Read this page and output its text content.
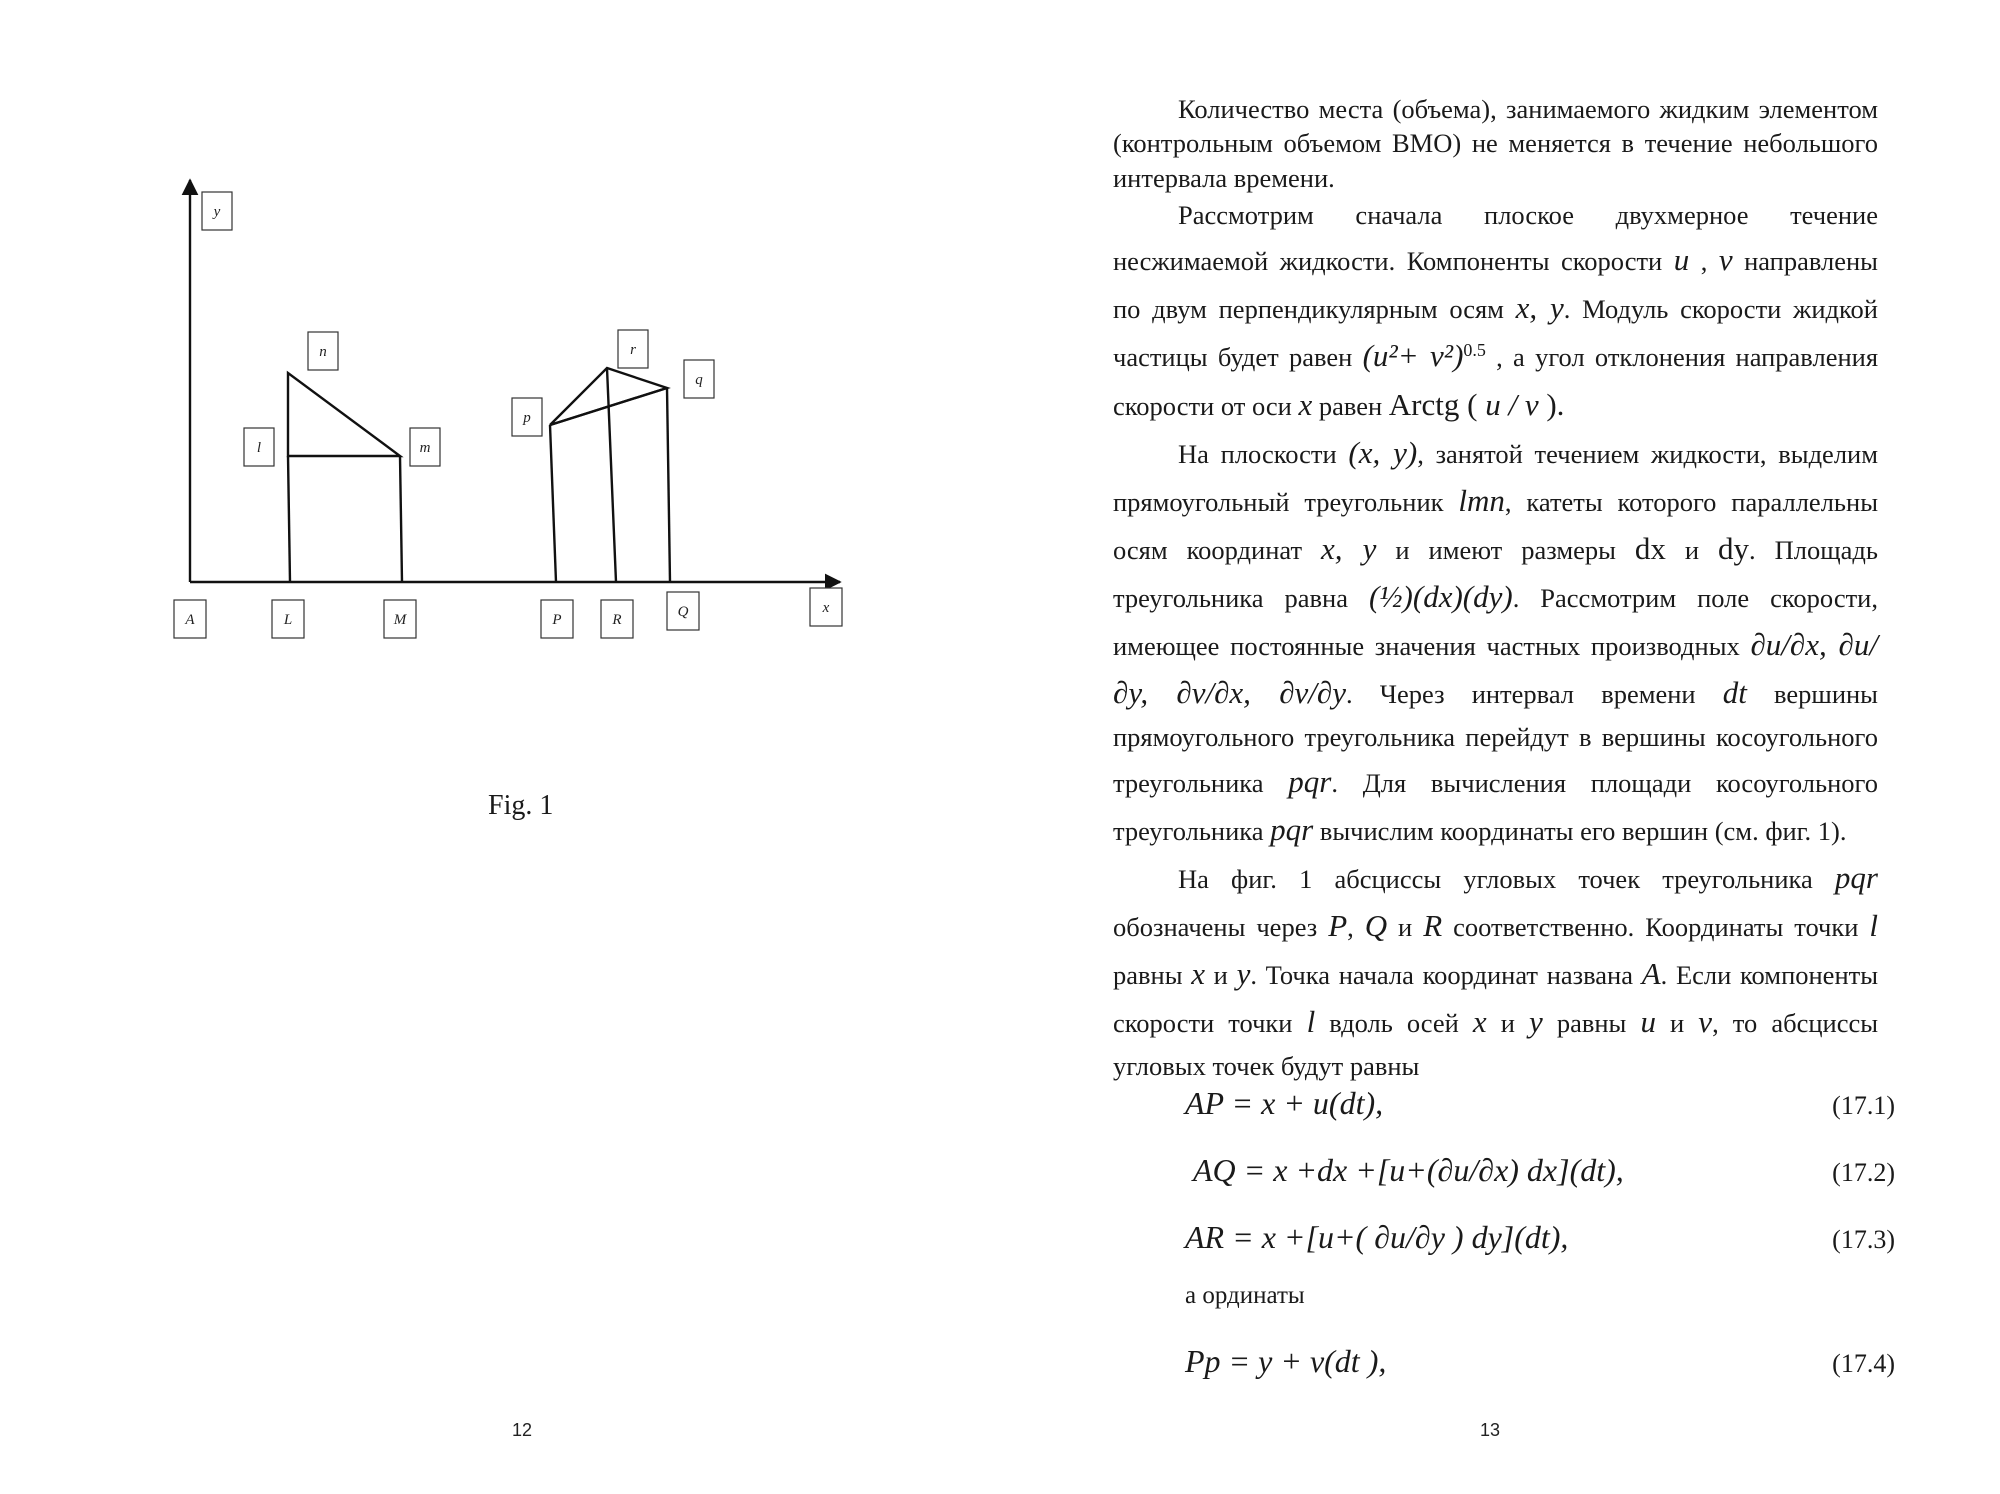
y
n
l	m
p
r
q
A	L	M	P	R	Q	x
Fig. 1
12

Количество места (объема), занимаемого жидким элементом (контрольным объемом ВМО) не меняется в течение небольшого интервала времени.

Рассмотрим сначала плоское двухмерное течение несжимаемой жидкости. Компоненты скорости u , v направлены по двум перпендикулярным осям x, y. Модуль скорости жидкой частицы будет равен $(u^2+ v^2)^{0.5}$ , а угол отклонения направления скорости от оси x равен Arctg ( u / v ).

На плоскости (x, y), занятой течением жидкости, выделим прямоугольный треугольник lmn, катеты которого параллельны осям координат x, y и имеют размеры dx и dy. Площадь треугольника равна (½)(dx)(dy). Рассмотрим поле скорости, имеющее постоянные значения частных производных ∂u/∂x, ∂u/∂y, ∂v/∂x, ∂v/∂y. Через интервал времени dt вершины прямоугольного треугольника перейдут в вершины косоугольного треугольника pqr. Для вычисления площади косоугольного треугольника pqr вычислим координаты его вершин (см. фиг. 1).

На фиг. 1 абсциссы угловых точек треугольника pqr обозначены через P, Q и R соответственно. Координаты точки l равны x и y. Точка начала координат названа A. Если компоненты скорости точки l вдоль осей x и y равны u и v, то абсциссы угловых точек будут равны

AP = x + u(dt),	(17.1)
AQ = x +dx +[u+(∂u/∂x) dx](dt),	(17.2)
AR = x +[u+( ∂u/∂y ) dy](dt),	(17.3)
а ординаты
Pp = y + v(dt ),	(17.4)
13
